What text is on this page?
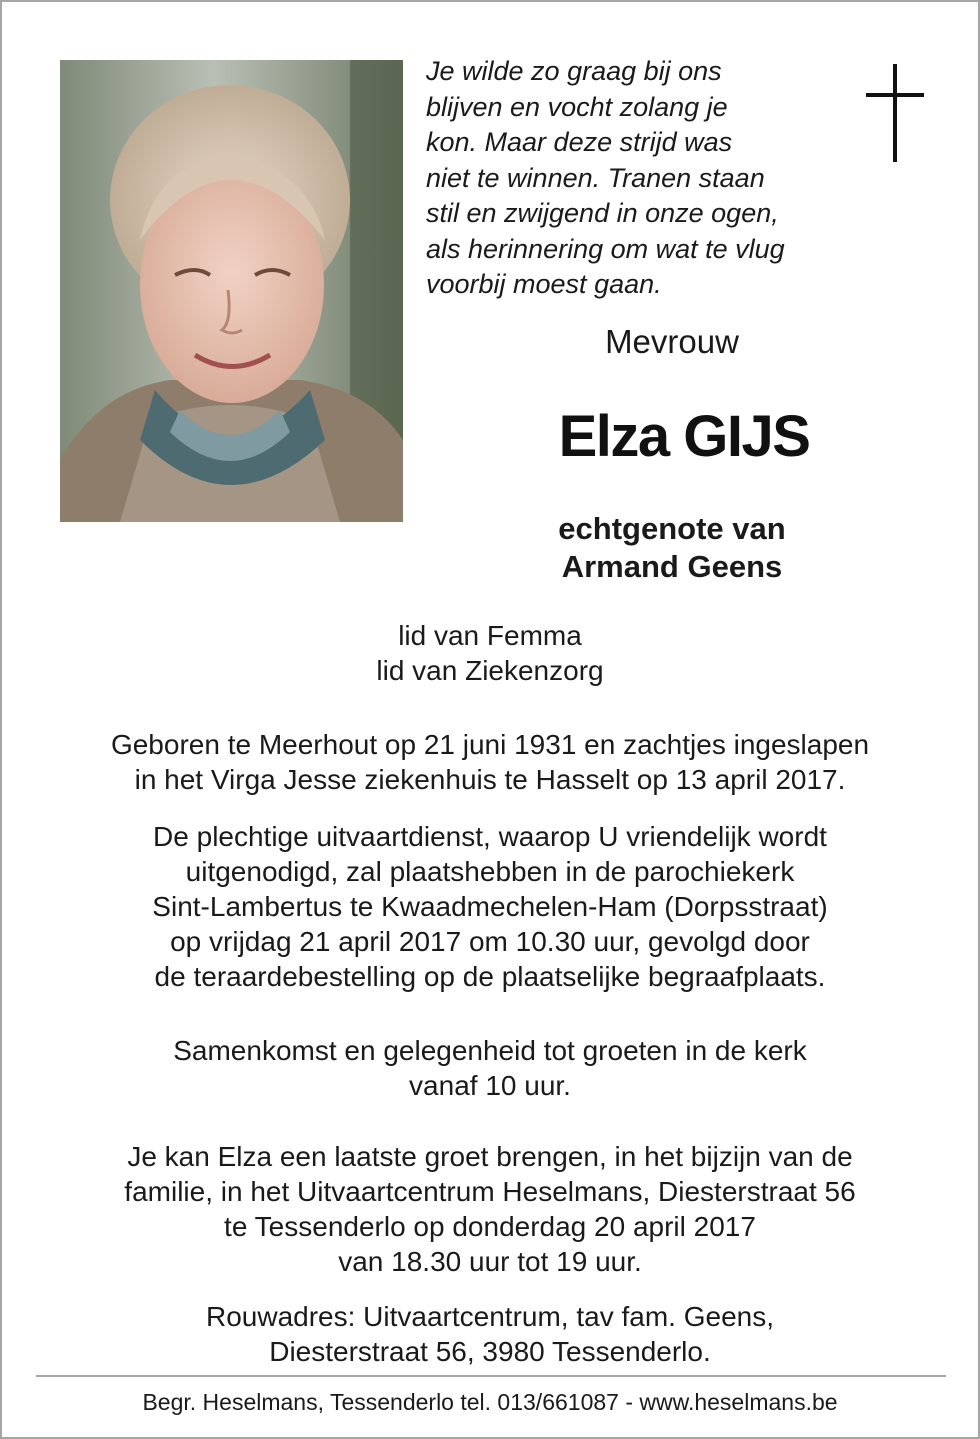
Je wilde zo graag bij ons
blijven en vocht zolang je
kon. Maar deze strijd was
niet te winnen. Tranen staan
stil en zwijgend in onze ogen,
als herinnering om wat te vlug
voorbij moest gaan.
Mevrouw
Elza GIJS
echtgenote van
Armand Geens
lid van Femma
lid van Ziekenzorg
Geboren te Meerhout op 21 juni 1931 en zachtjes ingeslapen
in het Virga Jesse ziekenhuis te Hasselt op 13 april 2017.
De plechtige uitvaartdienst, waarop U vriendelijk wordt
uitgenodigd, zal plaatshebben in de parochiekerk
Sint-Lambertus te Kwaadmechelen-Ham (Dorpsstraat)
op vrijdag 21 april 2017 om 10.30 uur, gevolgd door
de teraardebestelling op de plaatselijke begraafplaats.
Samenkomst en gelegenheid tot groeten in de kerk
vanaf 10 uur.
Je kan Elza een laatste groet brengen, in het bijzijn van de
familie, in het Uitvaartcentrum Heselmans, Diesterstraat 56
te Tessenderlo op donderdag 20 april 2017
van 18.30 uur tot 19 uur.
Rouwadres: Uitvaartcentrum, tav fam. Geens,
Diesterstraat 56, 3980 Tessenderlo.
Begr. Heselmans, Tessenderlo tel. 013/661087 - www.heselmans.be
